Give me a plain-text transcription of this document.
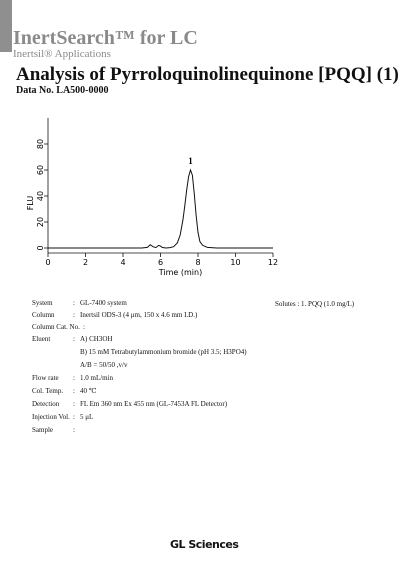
InertSearch™ for LC
Inertsil® Applications
Analysis of Pyrroloquinolinequinone [PQQ] (1)
Data No. LA500-0000
0	2	4	6	8	10	12
0
20
40
60
80
1
Time (min)
FLU
System	: GL-7400 system
Column	: Inertsil ODS-3 (4 μm, 150 x 4.6 mm I.D.)
Column Cat. No. :
Eluent	: A) CH3OH
B) 15 mM Tetrabutylammonium bromide (pH 3.5; H3PO4)
A/B = 50/50 ,v/v
Flow rate	: 1.0 mL/min
Col. Temp.	: 40 ℃
Detection	: FL Em 360 nm Ex 455 nm (GL-7453A FL Detector)
Injection Vol. : 5 μL
Sample	:
Solutes : 1. PQQ (1.0 mg/L)
GL Sciences
